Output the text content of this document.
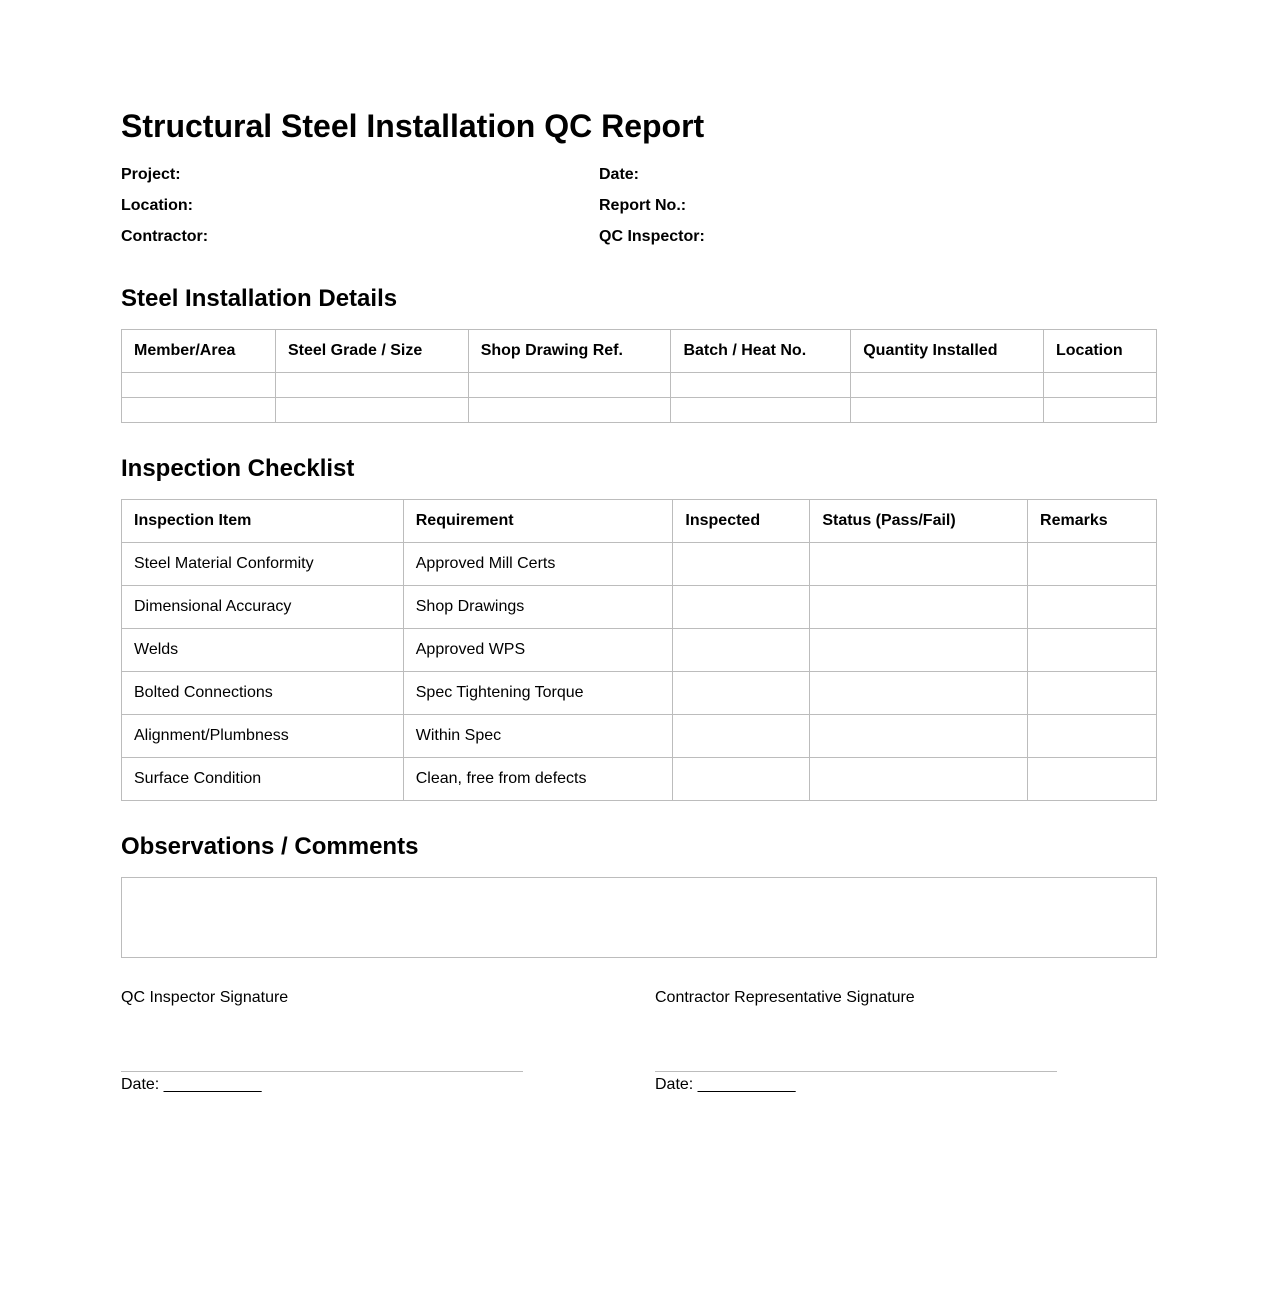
Structural Steel Installation QC Report
Project:	Date:
Location:	Report No.:
Contractor:	QC Inspector:
Steel Installation Details
Member/Area	Steel Grade / Size	Shop Drawing Ref.	Batch / Heat No.	Quantity Installed	Location

Inspection Checklist
Inspection Item	Requirement	Inspected	Status (Pass/Fail)	Remarks
Steel Material Conformity	Approved Mill Certs			
Dimensional Accuracy	Shop Drawings			
Welds	Approved WPS			
Bolted Connections	Spec Tightening Torque			
Alignment/Plumbness	Within Spec			
Surface Condition	Clean, free from defects			
Observations / Comments
QC Inspector Signature
Date: ___________
Contractor Representative Signature
Date: ___________
